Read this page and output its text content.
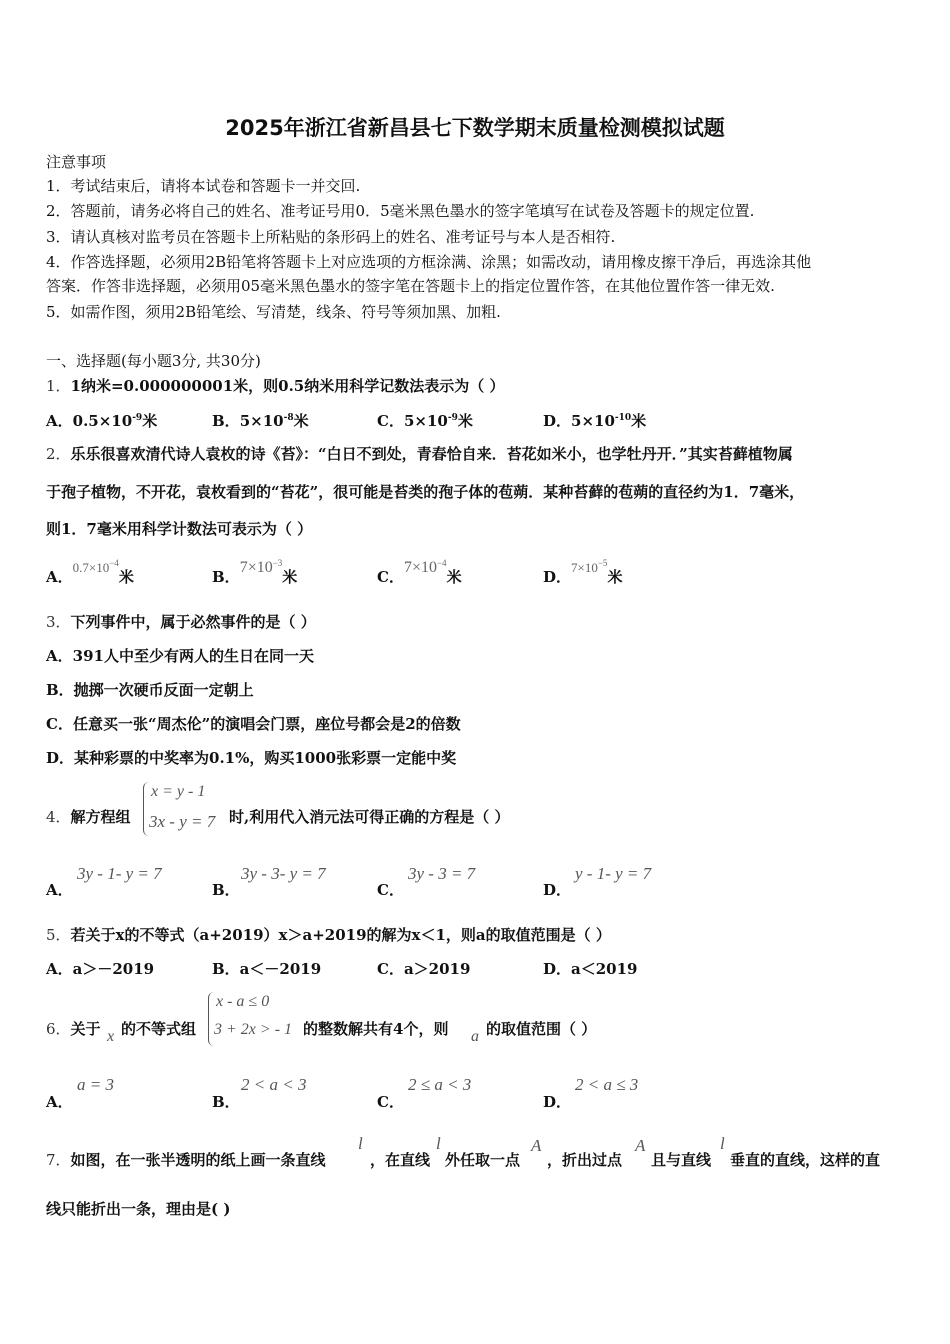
2025年浙江省新昌县七下数学期末质量检测模拟试题
注意事项
1．考试结束后，请将本试卷和答题卡一并交回.
2．答题前，请务必将自己的姓名、准考证号用0．5毫米黑色墨水的签字笔填写在试卷及答题卡的规定位置.
3．请认真核对监考员在答题卡上所粘贴的条形码上的姓名、准考证号与本人是否相符.
4．作答选择题，必须用2B铅笔将答题卡上对应选项的方框涂满、涂黑；如需改动，请用橡皮擦干净后，再选涂其他
答案．作答非选择题，必须用05毫米黑色墨水的签字笔在答题卡上的指定位置作答，在其他位置作答一律无效.
5．如需作图，须用2B铅笔绘、写清楚，线条、符号等须加黑、加粗.
一、选择题(每小题3分, 共30分)
1．1纳米=0.000000001米，则0.5纳米用科学记数法表示为（ ）
A．$0.5\times 10^{-9}$米	B．$5\times 10^{-8}$米	C．$5\times 10^{-9}$米	D．$5\times 10^{-10}$米
2．乐乐很喜欢清代诗人袁枚的诗《苔》：“白日不到处，青春恰自来．苔花如米小，也学牡丹开．”其实苔藓植物属
于孢子植物，不开花，袁枚看到的“苔花”，很可能是苔类的孢子体的苞蒴．某种苔藓的苞蒴的直径约为1．7毫米，
则1．7毫米用科学计数法可表示为（ ）
A．$0.7\times 10^{-4}$米	B．$7\times 10^{-3}$米	C．$7\times 10^{-4}$米	D．$7\times 10^{-5}$米
3．下列事件中，属于必然事件的是（ ）
A．391人中至少有两人的生日在同一天
B．抛掷一次硬币反面一定朝上
C．任意买一张“周杰伦”的演唱会门票，座位号都会是2的倍数
D．某种彩票的中奖率为0.1%，购买1000张彩票一定能中奖
4．解方程组
x = y - 1
3x - y = 7 时,利用代入消元法可得正确的方程是（ ）
A．
3y - 1- y = 7
B．
3y - 3- y = 7
C．
3y - 3 = 7
D．
y - 1- y = 7
5．若关于x的不等式（a+2019）x＞a+2019的解为x＜1，则a的取值范围是（ ）
A．a＞－2019	B．a＜－2019	C．a＞2019	D．a＜2019
6．关于 x 的不等式组
x - a ≤ 0
3 + 2x > - 1 的整数解共有4个，则 a 的取值范围（ ）
A．
a = 3
B．
2 < a < 3
C．
2 ≤ a < 3
D．
2 < a ≤ 3
7．如图，在一张半透明的纸上画一条直线
l
，在直线
l
外任取一点
A
，折出过点
A
且与直线
l
垂直的直线，这样的直
线只能折出一条，理由是( )
